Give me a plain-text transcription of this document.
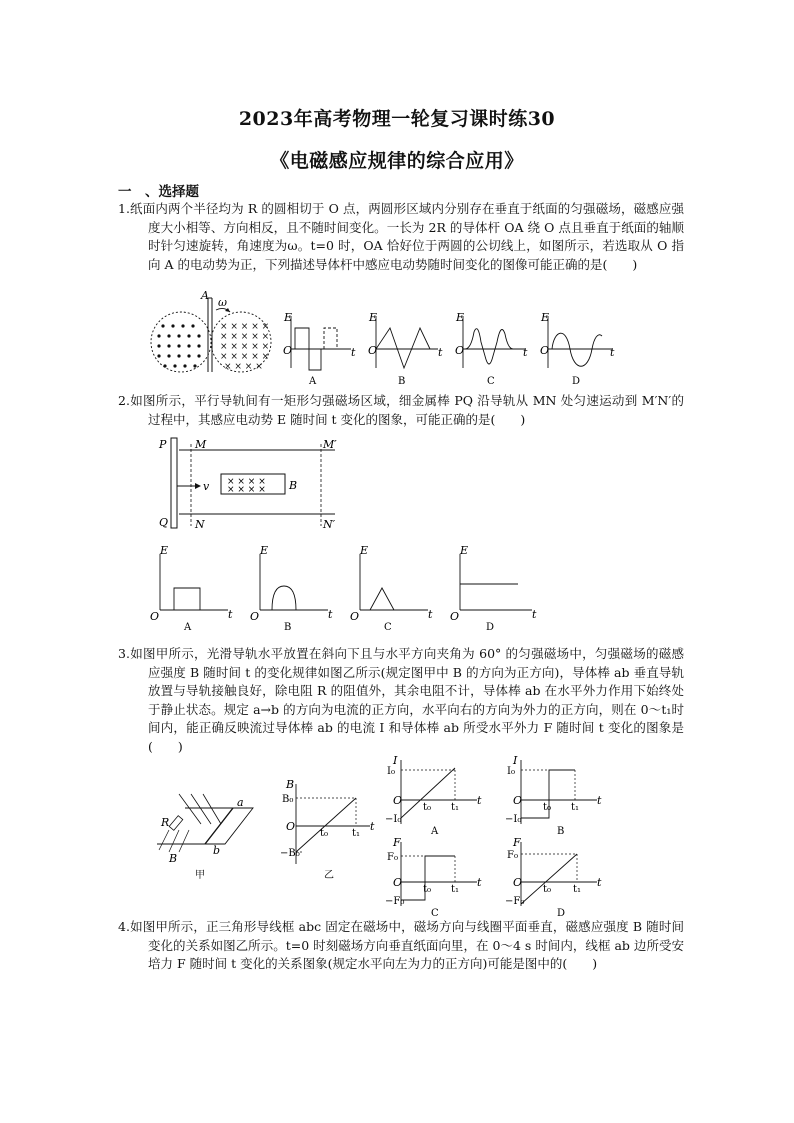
2023年高考物理一轮复习课时练30
《电磁感应规律的综合应用》
一　、选择题

1.纸面内两个半径均为 R 的圆相切于 O 点，两圆形区域内分别存在垂直于纸面的匀强磁场，磁感应强度大小相等、方向相反，且不随时间变化。一长为 2R 的导体杆 OA 绕 O 点且垂直于纸面的轴顺时针匀速旋转，角速度为ω。t=0 时，OA 恰好位于两圆的公切线上，如图所示，若选取从 O 指向 A 的电动势为正，下列描述导体杆中感应电动势随时间变化的图像可能正确的是(　　)

× × × × ×
× × × × ×
× × × × ×
× × × × ×
× × × ×
A
ω
E
O	t
A
E
O	t
B
E
O	t
C
E
O	t
D

2.如图所示，平行导轨间有一矩形匀强磁场区域，细金属棒 PQ 沿导轨从 MN 处匀速运动到 M′N′的过程中，其感应电动势 E 随时间 t 变化的图象，可能正确的是(　　)

× × × ×
× × × ×
v	B
P
Q
M
N
M′
N′
E
O	t
A
E
O	t
B
E
O	t
C
E
O	t
D

3.如图甲所示，光滑导轨水平放置在斜向下且与水平方向夹角为 60° 的匀强磁场中，匀强磁场的磁感应强度 B 随时间 t 的变化规律如图乙所示(规定图甲中 B 的方向为正方向)，导体棒 ab 垂直导轨放置与导轨接触良好，除电阻 R 的阻值外，其余电阻不计，导体棒 ab 在水平外力作用下始终处于静止状态。规定 a→b 的方向为电流的正方向，水平向右的方向为外力的正方向，则在 0～t₁时间内，能正确反映流过导体棒 ab 的电流 I 和导体棒 ab 所受水平外力 F 随时间 t 变化的图象是(　　)

R
a
b
B
甲
B
B₀
−B₀
O
t₀ t₁
t
乙
I
I₀
−I₀
O
t₀ t₁
t
A
I
I₀
−I₀
O
t₀ t₁
t
B
F
F₀
−F₀
O
t₀ t₁
t
C
F
F₀
−F₀
O
t₀ t₁
t
D

4.如图甲所示，正三角形导线框 abc 固定在磁场中，磁场方向与线圈平面垂直，磁感应强度 B 随时间变化的关系如图乙所示。t=0 时刻磁场方向垂直纸面向里，在 0～4 s 时间内，线框 ab 边所受安培力 F 随时间 t 变化的关系图象(规定水平向左为力的正方向)可能是图中的(　　)
